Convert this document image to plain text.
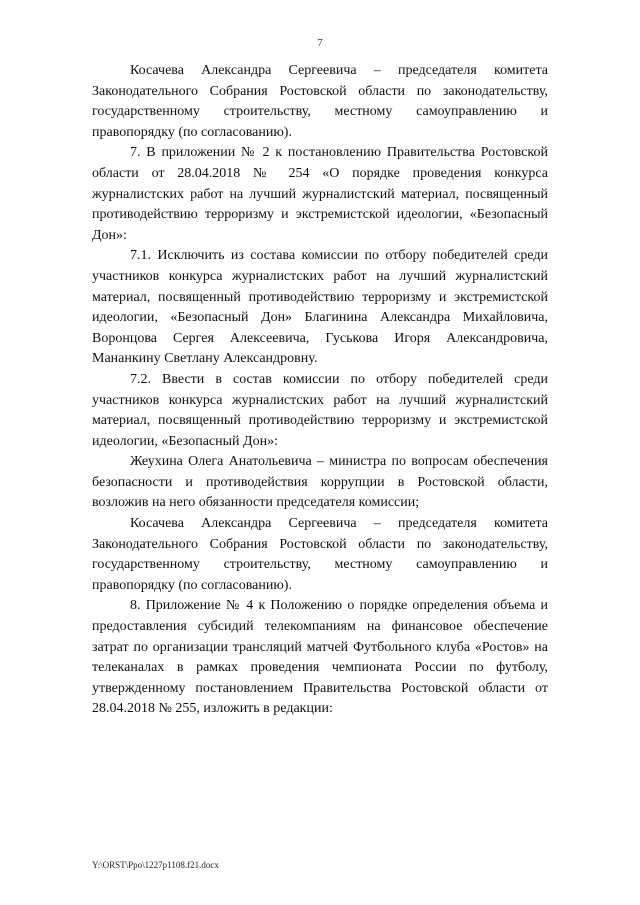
7

Косачева Александра Сергеевича – председателя комитета Законодательного Собрания Ростовской области по законодательству, государственному строительству, местному самоуправлению и правопорядку (по согласованию).

7. В приложении № 2 к постановлению Правительства Ростовской области от 28.04.2018 № 254 «О порядке проведения конкурса журналистских работ на лучший журналистский материал, посвященный противодействию терроризму и экстремистской идеологии, «Безопасный Дон»:

7.1. Исключить из состава комиссии по отбору победителей среди участников конкурса журналистских работ на лучший журналистский материал, посвященный противодействию терроризму и экстремистской идеологии, «Безопасный Дон» Благинина Александра Михайловича, Воронцова Сергея Алексеевича, Гуськова Игоря Александровича, Мананкину Светлану Александровну.

7.2. Ввести в состав комиссии по отбору победителей среди участников конкурса журналистских работ на лучший журналистский материал, посвященный противодействию терроризму и экстремистской идеологии, «Безопасный Дон»:

Жеухина Олега Анатольевича – министра по вопросам обеспечения безопасности и противодействия коррупции в Ростовской области, возложив на него обязанности председателя комиссии;

Косачева Александра Сергеевича – председателя комитета Законодательного Собрания Ростовской области по законодательству, государственному строительству, местному самоуправлению и правопорядку (по согласованию).

8. Приложение № 4 к Положению о порядке определения объема и предоставления субсидий телекомпаниям на финансовое обеспечение затрат по организации трансляций матчей Футбольного клуба «Ростов» на телеканалах в рамках проведения чемпионата России по футболу, утвержденному постановлением Правительства Ростовской области от 28.04.2018 № 255, изложить в редакции:

Y:\ORST\Ppo\1227p1108.f21.docx
